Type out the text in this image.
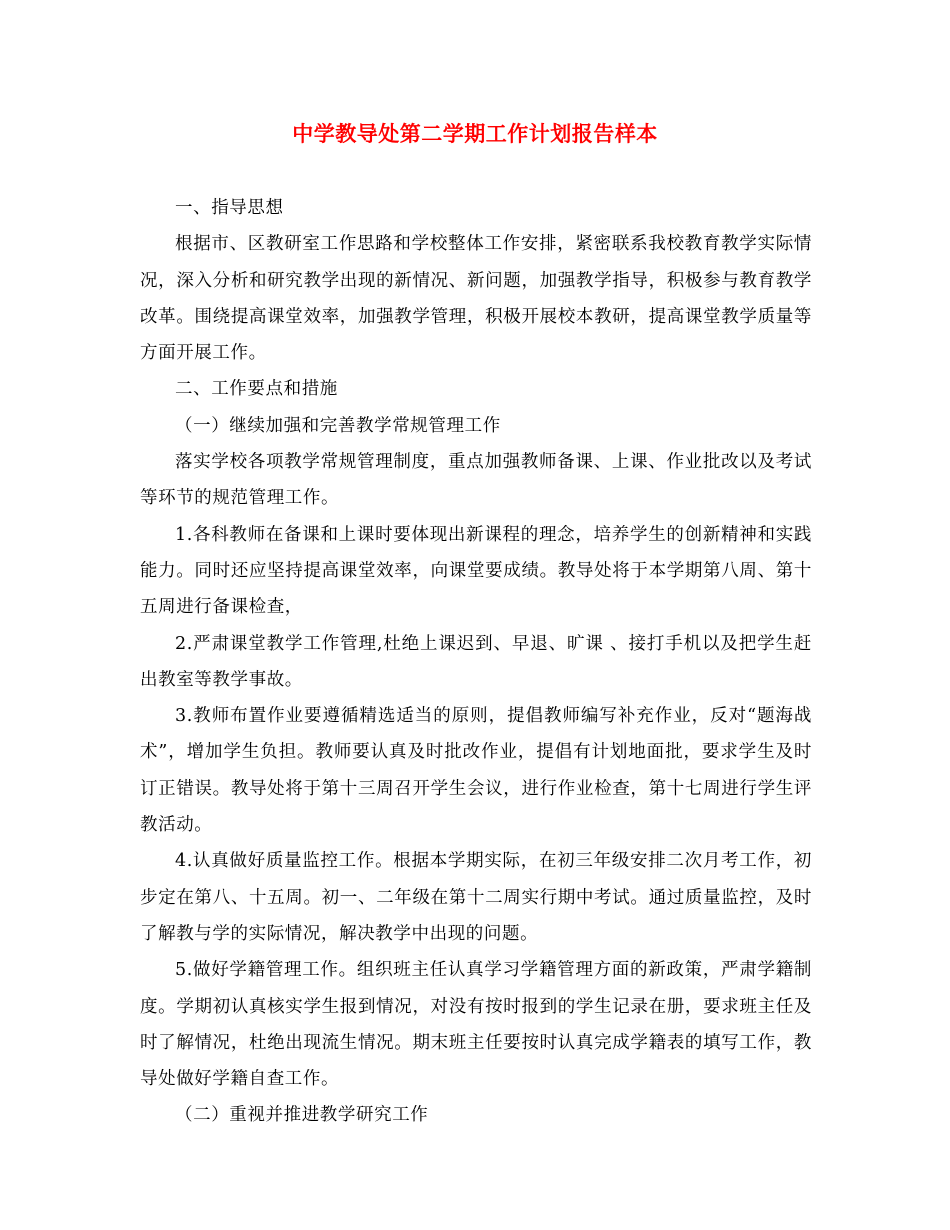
中学教导处第二学期工作计划报告样本

一、指导思想

根据市、区教研室工作思路和学校整体工作安排，紧密联系我校教育教学实际情况，深入分析和研究教学出现的新情况、新问题，加强教学指导，积极参与教育教学改革。围绕提高课堂效率，加强教学管理，积极开展校本教研，提高课堂教学质量等方面开展工作。

二、工作要点和措施

（一）继续加强和完善教学常规管理工作

落实学校各项教学常规管理制度，重点加强教师备课、上课、作业批改以及考试等环节的规范管理工作。

1.各科教师在备课和上课时要体现出新课程的理念，培养学生的创新精神和实践能力。同时还应坚持提高课堂效率，向课堂要成绩。教导处将于本学期第八周、第十五周进行备课检查，

2.严肃课堂教学工作管理,杜绝上课迟到、早退、旷课 、接打手机以及把学生赶出教室等教学事故。

3.教师布置作业要遵循精选适当的原则，提倡教师编写补充作业，反对“题海战术”，增加学生负担。教师要认真及时批改作业，提倡有计划地面批，要求学生及时订正错误。教导处将于第十三周召开学生会议，进行作业检查，第十七周进行学生评教活动。

4.认真做好质量监控工作。根据本学期实际，在初三年级安排二次月考工作，初步定在第八、十五周。初一、二年级在第十二周实行期中考试。通过质量监控，及时了解教与学的实际情况，解决教学中出现的问题。

5.做好学籍管理工作。组织班主任认真学习学籍管理方面的新政策，严肃学籍制度。学期初认真核实学生报到情况，对没有按时报到的学生记录在册，要求班主任及时了解情况，杜绝出现流生情况。期末班主任要按时认真完成学籍表的填写工作，教导处做好学籍自查工作。

（二）重视并推进教学研究工作
